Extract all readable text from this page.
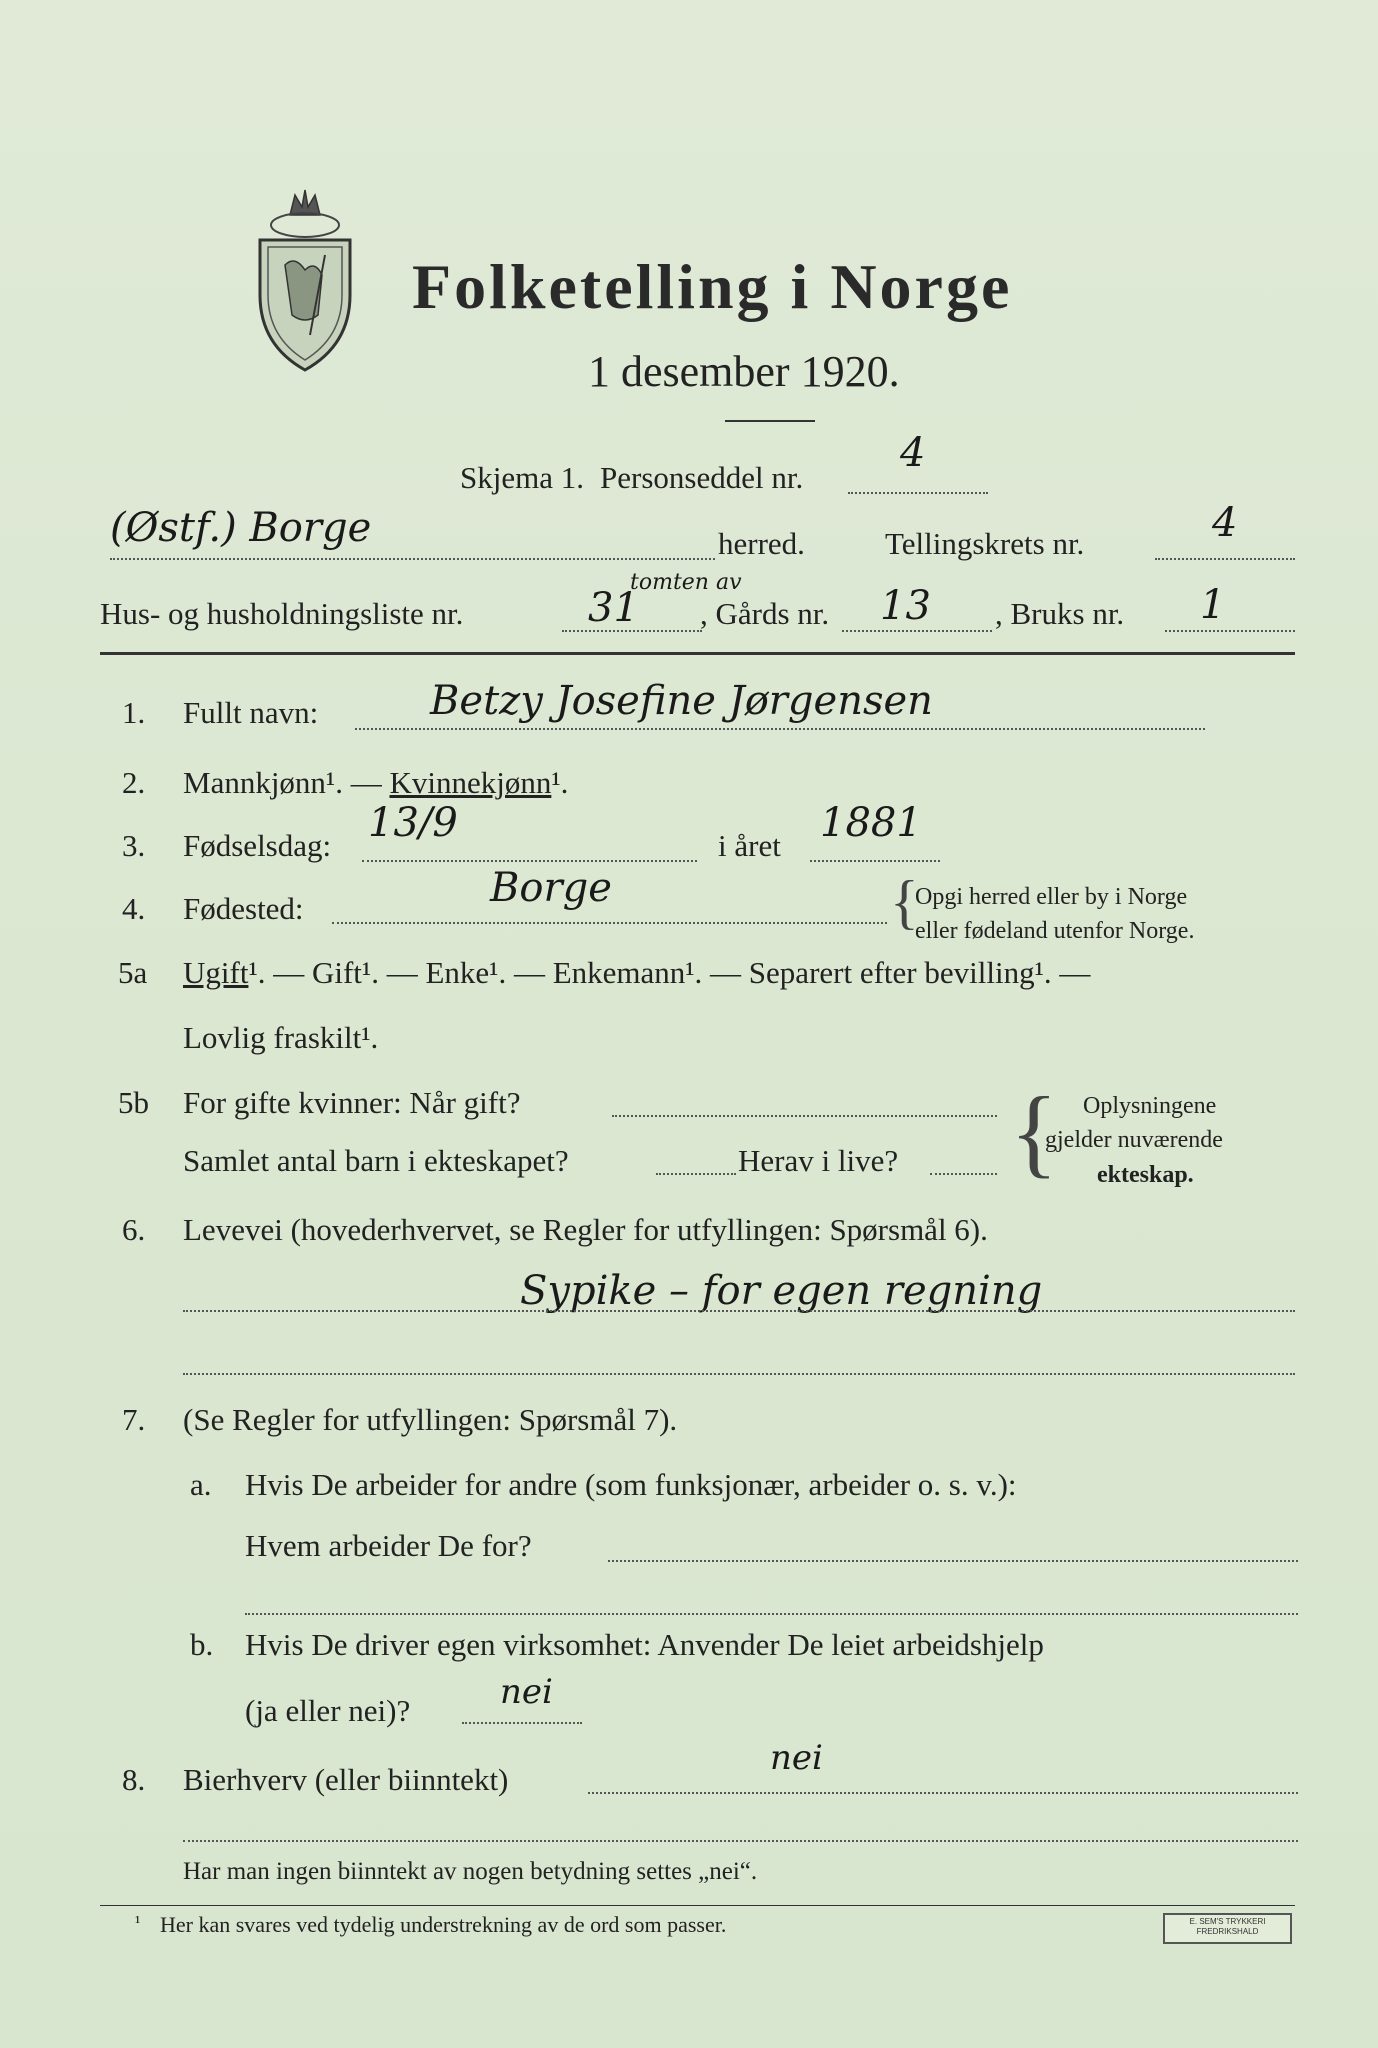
Folketelling i Norge
1 desember 1920.
Skjema 1. Personseddel nr.
4
(Østf.) Borge	herred.	Tellingskrets nr.	4
Hus- og husholdningsliste nr.	31
tomten av
, Gårds nr. 13 , Bruks nr. 1
1. Fullt navn:	Betzy Josefine Jørgensen
2. Mannkjønn¹. — Kvinnekjønn¹.
3. Fødselsdag: 13/9	i året 1881
4. Fødested:	Borge	{
Opgi herred eller by i Norge
eller fødeland utenfor Norge.
5a Ugift¹. — Gift¹. — Enke¹. — Enkemann¹. — Separert efter bevilling¹. —
Lovlig fraskilt¹.
5b For gifte kvinner: Når gift?
Samlet antal barn i ekteskapet?	Herav i live? { Oplysningene
gjelder nuværende
ekteskap.
6. Levevei (hovederhvervet, se Regler for utfyllingen: Spørsmål 6).
Sypike – for egen regning
7. (Se Regler for utfyllingen: Spørsmål 7).
a. Hvis De arbeider for andre (som funksjonær, arbeider o. s. v.):
Hvem arbeider De for?
b. Hvis De driver egen virksomhet: Anvender De leiet arbeidshjelp
(ja eller nei)?	nei
8. Bierhverv (eller biinntekt)
nei
Har man ingen biinntekt av nogen betydning settes „nei“.
¹ Her kan svares ved tydelig understrekning av de ord som passer.	E. SEM'S TRYKKERI
FREDRIKSHALD
